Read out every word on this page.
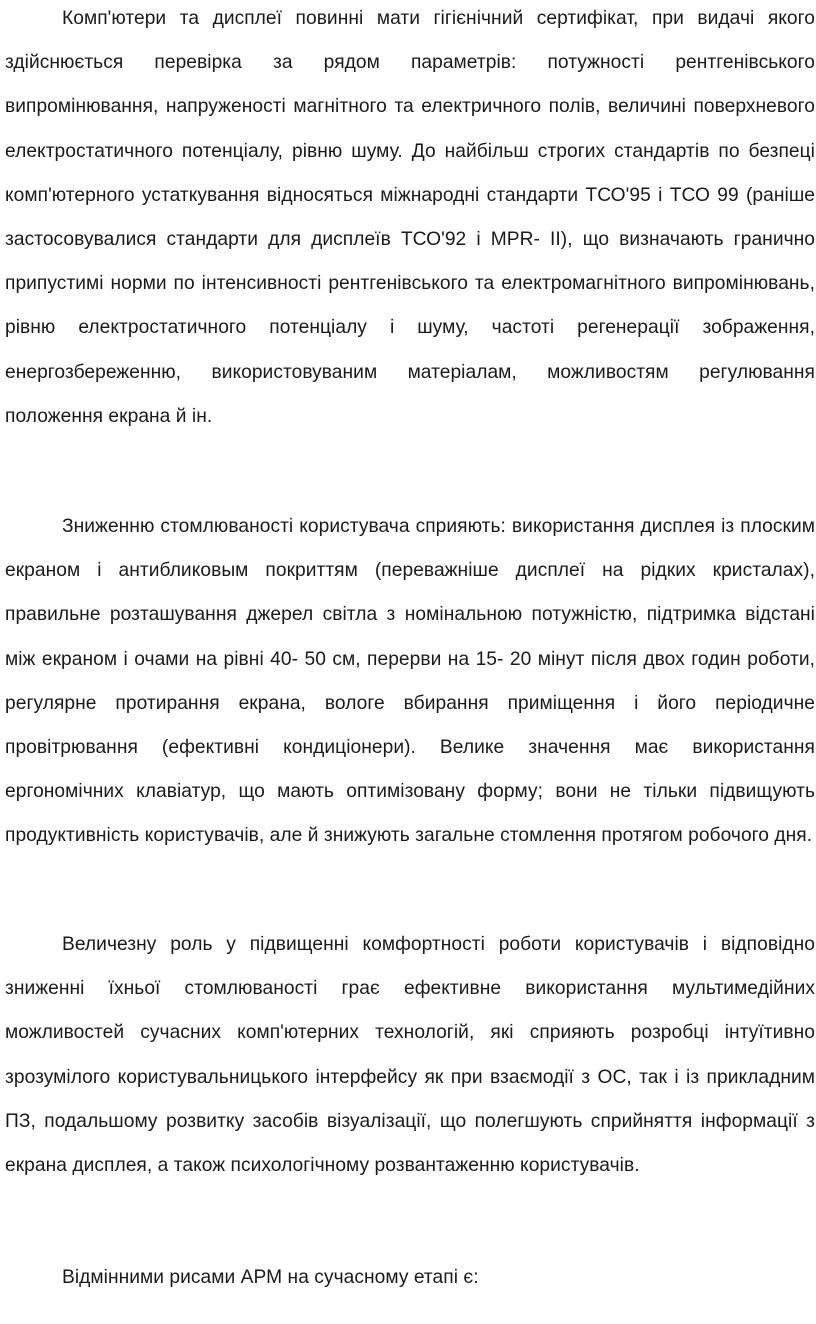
Комп'ютери та дисплеї повинні мати гігієнічний сертифікат, при видачі якого здійснюється перевірка за рядом параметрів: потужності рентгенівського випромінювання, напруженості магнітного та електричного полів, величині поверхневого електростатичного потенціалу, рівню шуму. До найбільш строгих стандартів по безпеці комп'ютерного устаткування відносяться міжнародні стандарти ТСО'95 і ТСО 99 (раніше застосовувалися стандарти для дисплеїв ТСО'92 і MPR- II), що визначають гранично припустимі норми по інтенсивності рентгенівського та електромагнітного випромінювань, рівню електростатичного потенціалу і шуму, частоті регенерації зображення, енергозбереженню, використовуваним матеріалам, можливостям регулювання положення екрана й ін.

Зниженню стомлюваності користувача сприяють: використання дисплея із плоским екраном і антибликовым покриттям (переважніше дисплеї на рідких кристалах), правильне розташування джерел світла з номінальною потужністю, підтримка відстані між екраном і очами на рівні 40- 50 см, перерви на 15- 20 мінут після двох годин роботи, регулярне протирання екрана, вологе вбирання приміщення і його періодичне провітрювання (ефективні кондиціонери). Велике значення має використання ергономічних клавіатур, що мають оптимізовану форму; вони не тільки підвищують продуктивність користувачів, але й знижують загальне стомлення протягом робочого дня.

Величезну роль у підвищенні комфортності роботи користувачів і відповідно зниженні їхньої стомлюваності грає ефективне використання мультимедійних можливостей сучасних комп'ютерних технологій, які сприяють розробці інтуїтивно зрозумілого користувальницького інтерфейсу як при взаємодії з ОС, так і із прикладним ПЗ, подальшому розвитку засобів візуалізації, що полегшують сприйняття інформації з екрана дисплея, а також психологічному розвантаженню користувачів.

Відмінними рисами АРМ на сучасному етапі є:
